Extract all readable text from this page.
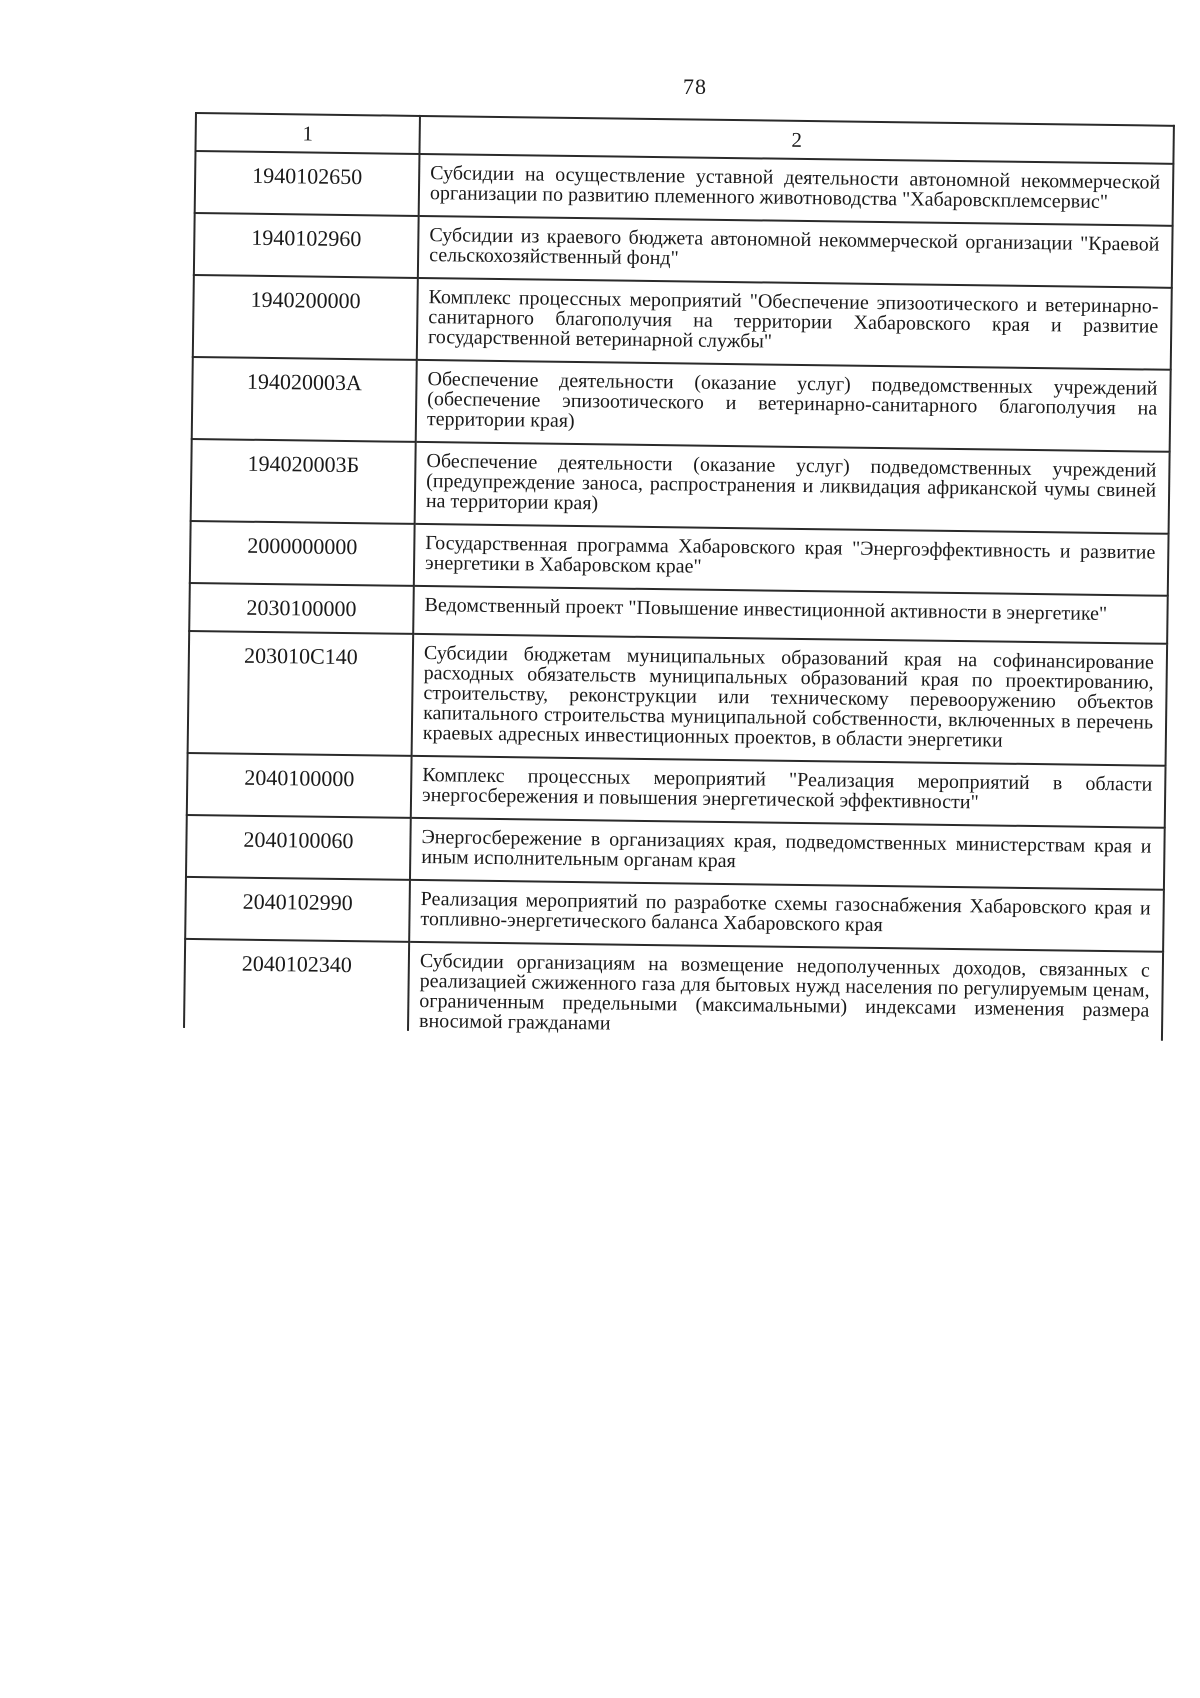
78
1	2
1940102650	Субсидии на осуществление уставной деятельности автономной некоммерческой организации по развитию племенного животноводства "Хабаровскплемсервис"
1940102960	Субсидии из краевого бюджета автономной некоммерческой организации "Краевой сельскохозяйственный фонд"
1940200000	Комплекс процессных мероприятий "Обеспечение эпизоотического и ветеринарно-санитарного благополучия на территории Хабаровского края и развитие государственной ветеринарной службы"
194020003А	Обеспечение деятельности (оказание услуг) подведомственных учреждений (обеспечение эпизоотического и ветеринарно-санитарного благополучия на территории края)
194020003Б	Обеспечение деятельности (оказание услуг) подведомственных учреждений (предупреждение заноса, распространения и ликвидация африканской чумы свиней на территории края)
2000000000	Государственная программа Хабаровского края "Энергоэффективность и развитие энергетики в Хабаровском крае"
2030100000	Ведомственный проект "Повышение инвестиционной активности в энергетике"
203010С140	Субсидии бюджетам муниципальных образований края на софинансирование расходных обязательств муниципальных образований края по проектированию, строительству, реконструкции или техническому перевооружению объектов капитального строительства муниципальной собственности, включенных в перечень краевых адресных инвестиционных проектов, в области энергетики
2040100000	Комплекс процессных мероприятий "Реализация мероприятий в области энергосбережения и повышения энергетической эффективности"
2040100060	Энергосбережение в организациях края, подведомственных министерствам края и иным исполнительным органам края
2040102990	Реализация мероприятий по разработке схемы газоснабжения Хабаровского края и топливно-энергетического баланса Хабаровского края
2040102340	Субсидии организациям на возмещение недополученных доходов, связанных с реализацией сжиженного газа для бытовых нужд населения по регулируемым ценам, ограниченным предельными (максимальными) индексами изменения размера вносимой гражданами
